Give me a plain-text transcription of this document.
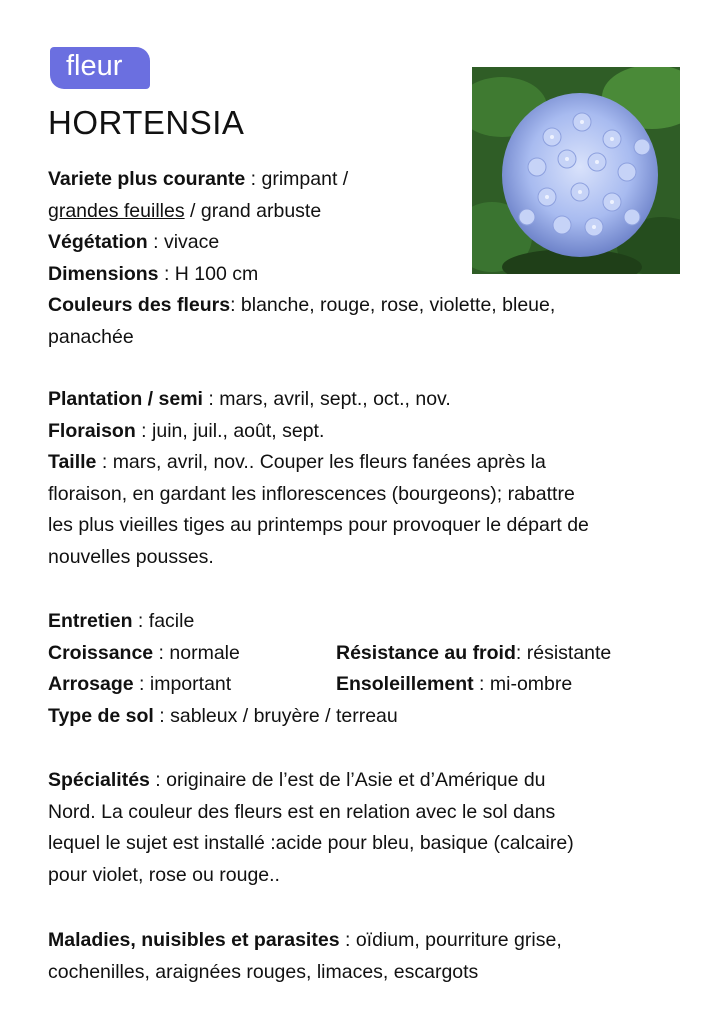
fleur
HORTENSIA
Variete plus courante : grimpant /
grandes feuilles / grand arbuste
Végétation : vivace
Dimensions : H 100 cm
Couleurs des fleurs: blanche, rouge, rose, violette, bleue,
panachée
Plantation / semi : mars, avril, sept., oct., nov.
Floraison : juin, juil., août, sept.
Taille : mars, avril, nov.. Couper les fleurs fanées après la
floraison, en gardant les inflorescences (bourgeons); rabattre
les plus vieilles tiges au printemps pour provoquer le départ de
nouvelles pousses.
Entretien : facile
Croissance : normale	Résistance au froid: résistante
Arrosage : important	Ensoleillement : mi-ombre
Type de sol : sableux / bruyère / terreau
Spécialités : originaire de l’est de l’Asie et d’Amérique du
Nord. La couleur des fleurs est en relation avec le sol dans
lequel le sujet est installé :acide pour bleu, basique (calcaire)
pour violet, rose ou rouge..
Maladies, nuisibles et parasites : oïdium, pourriture grise,
cochenilles, araignées rouges, limaces, escargots
